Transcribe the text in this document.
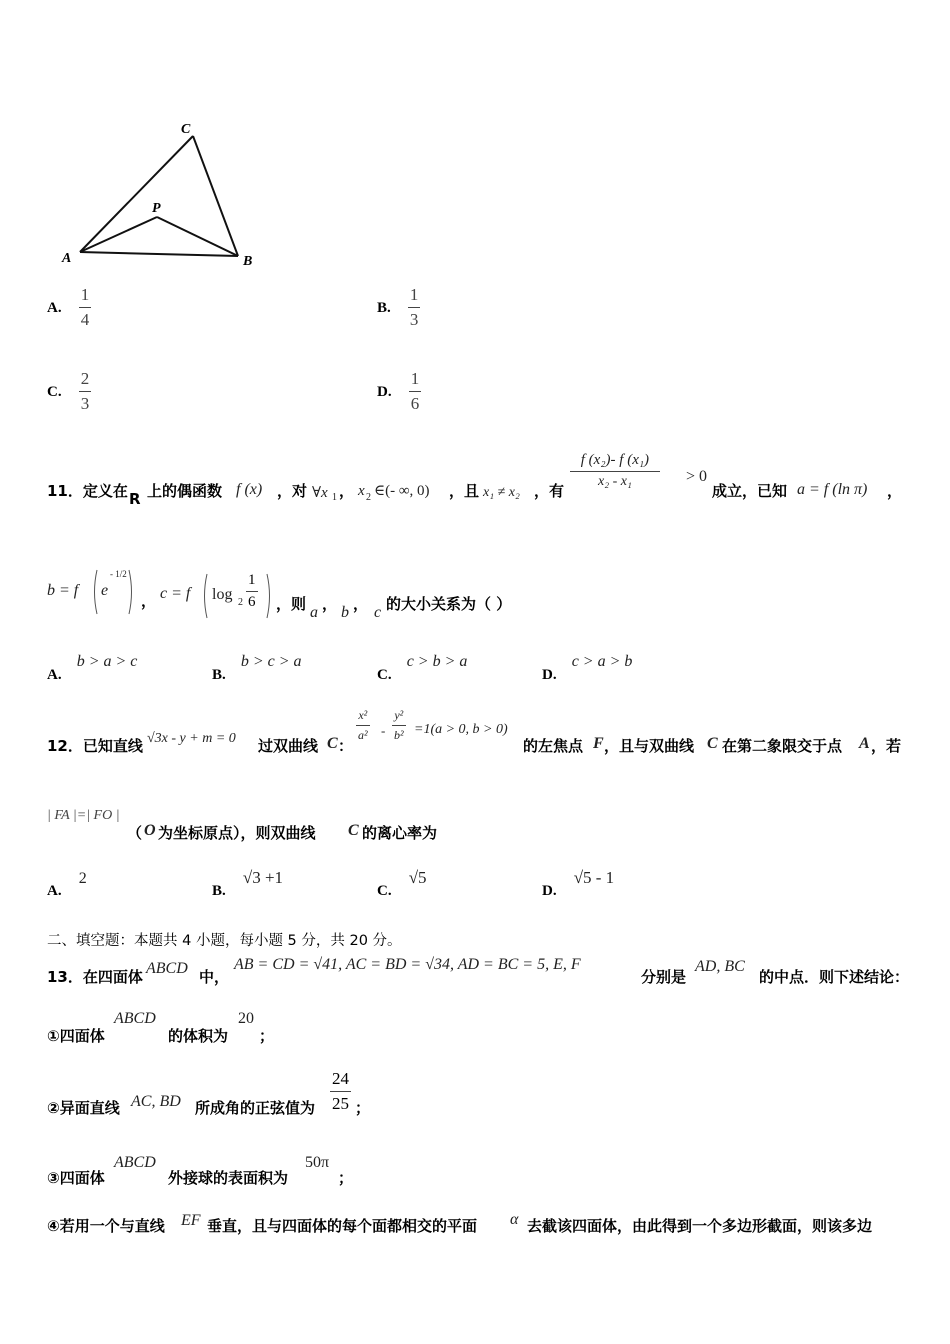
C
P
A	B
A. $\frac{1}{4}$	B. $\frac{1}{3}$
C. $\frac{2}{3}$	D. $\frac{1}{6}$
11．定义在 R 上的偶函数 f (x) ，对 ∀x 1 ， x 2 ∈(- ∞, 0) ，且 x₁ ≠ x₂ ，有
$\frac{\text{f (x₂)- f (x₁)}}{\text{x₂ - x₁}} > 0$
成立，已知 a = f (ln π) ，
b = f e
- 1/2
， c = f $\log 2 \frac{1}{6}$ ，则 a ， b ， c 的大小关系为（ ）
A. b > a > c
B. b > c > a
C. c > b > a
D. c > a > b
12．已知直线 √3x - y + m = 0 过双曲线 C ：
$\frac{\text{x²}}{\text{a²}} - \frac{\text{y²}}{\text{b²}} =1(a > 0$, b > 0)
的左焦点 F ，且与双曲线 C 在第二象限交于点 A ，若
| FA |=| FO |
（ O 为坐标原点），则双曲线 C 的离心率为
A. 2
B. √3 +1
C. √5
D. √5 - 1
二、填空题：本题共 4 小题，每小题 5 分，共 20 分。
13．在四面体 ABCD 中，
AB = CD = √41, AC = BD = √34, AD = BC = 5, E, F
分别是
AD, BC
的中点．则下述结论：
①四面体
ABCD
的体积为
20
；
②异面直线 AC, BD 所成角的正弦值为 $\frac{24}{25}$ ；
③四面体
ABCD
外接球的表面积为
50π
；
④若用一个与直线 EF 垂直，且与四面体的每个面都相交的平面 α 去截该四面体，由此得到一个多边形截面，则该多边
